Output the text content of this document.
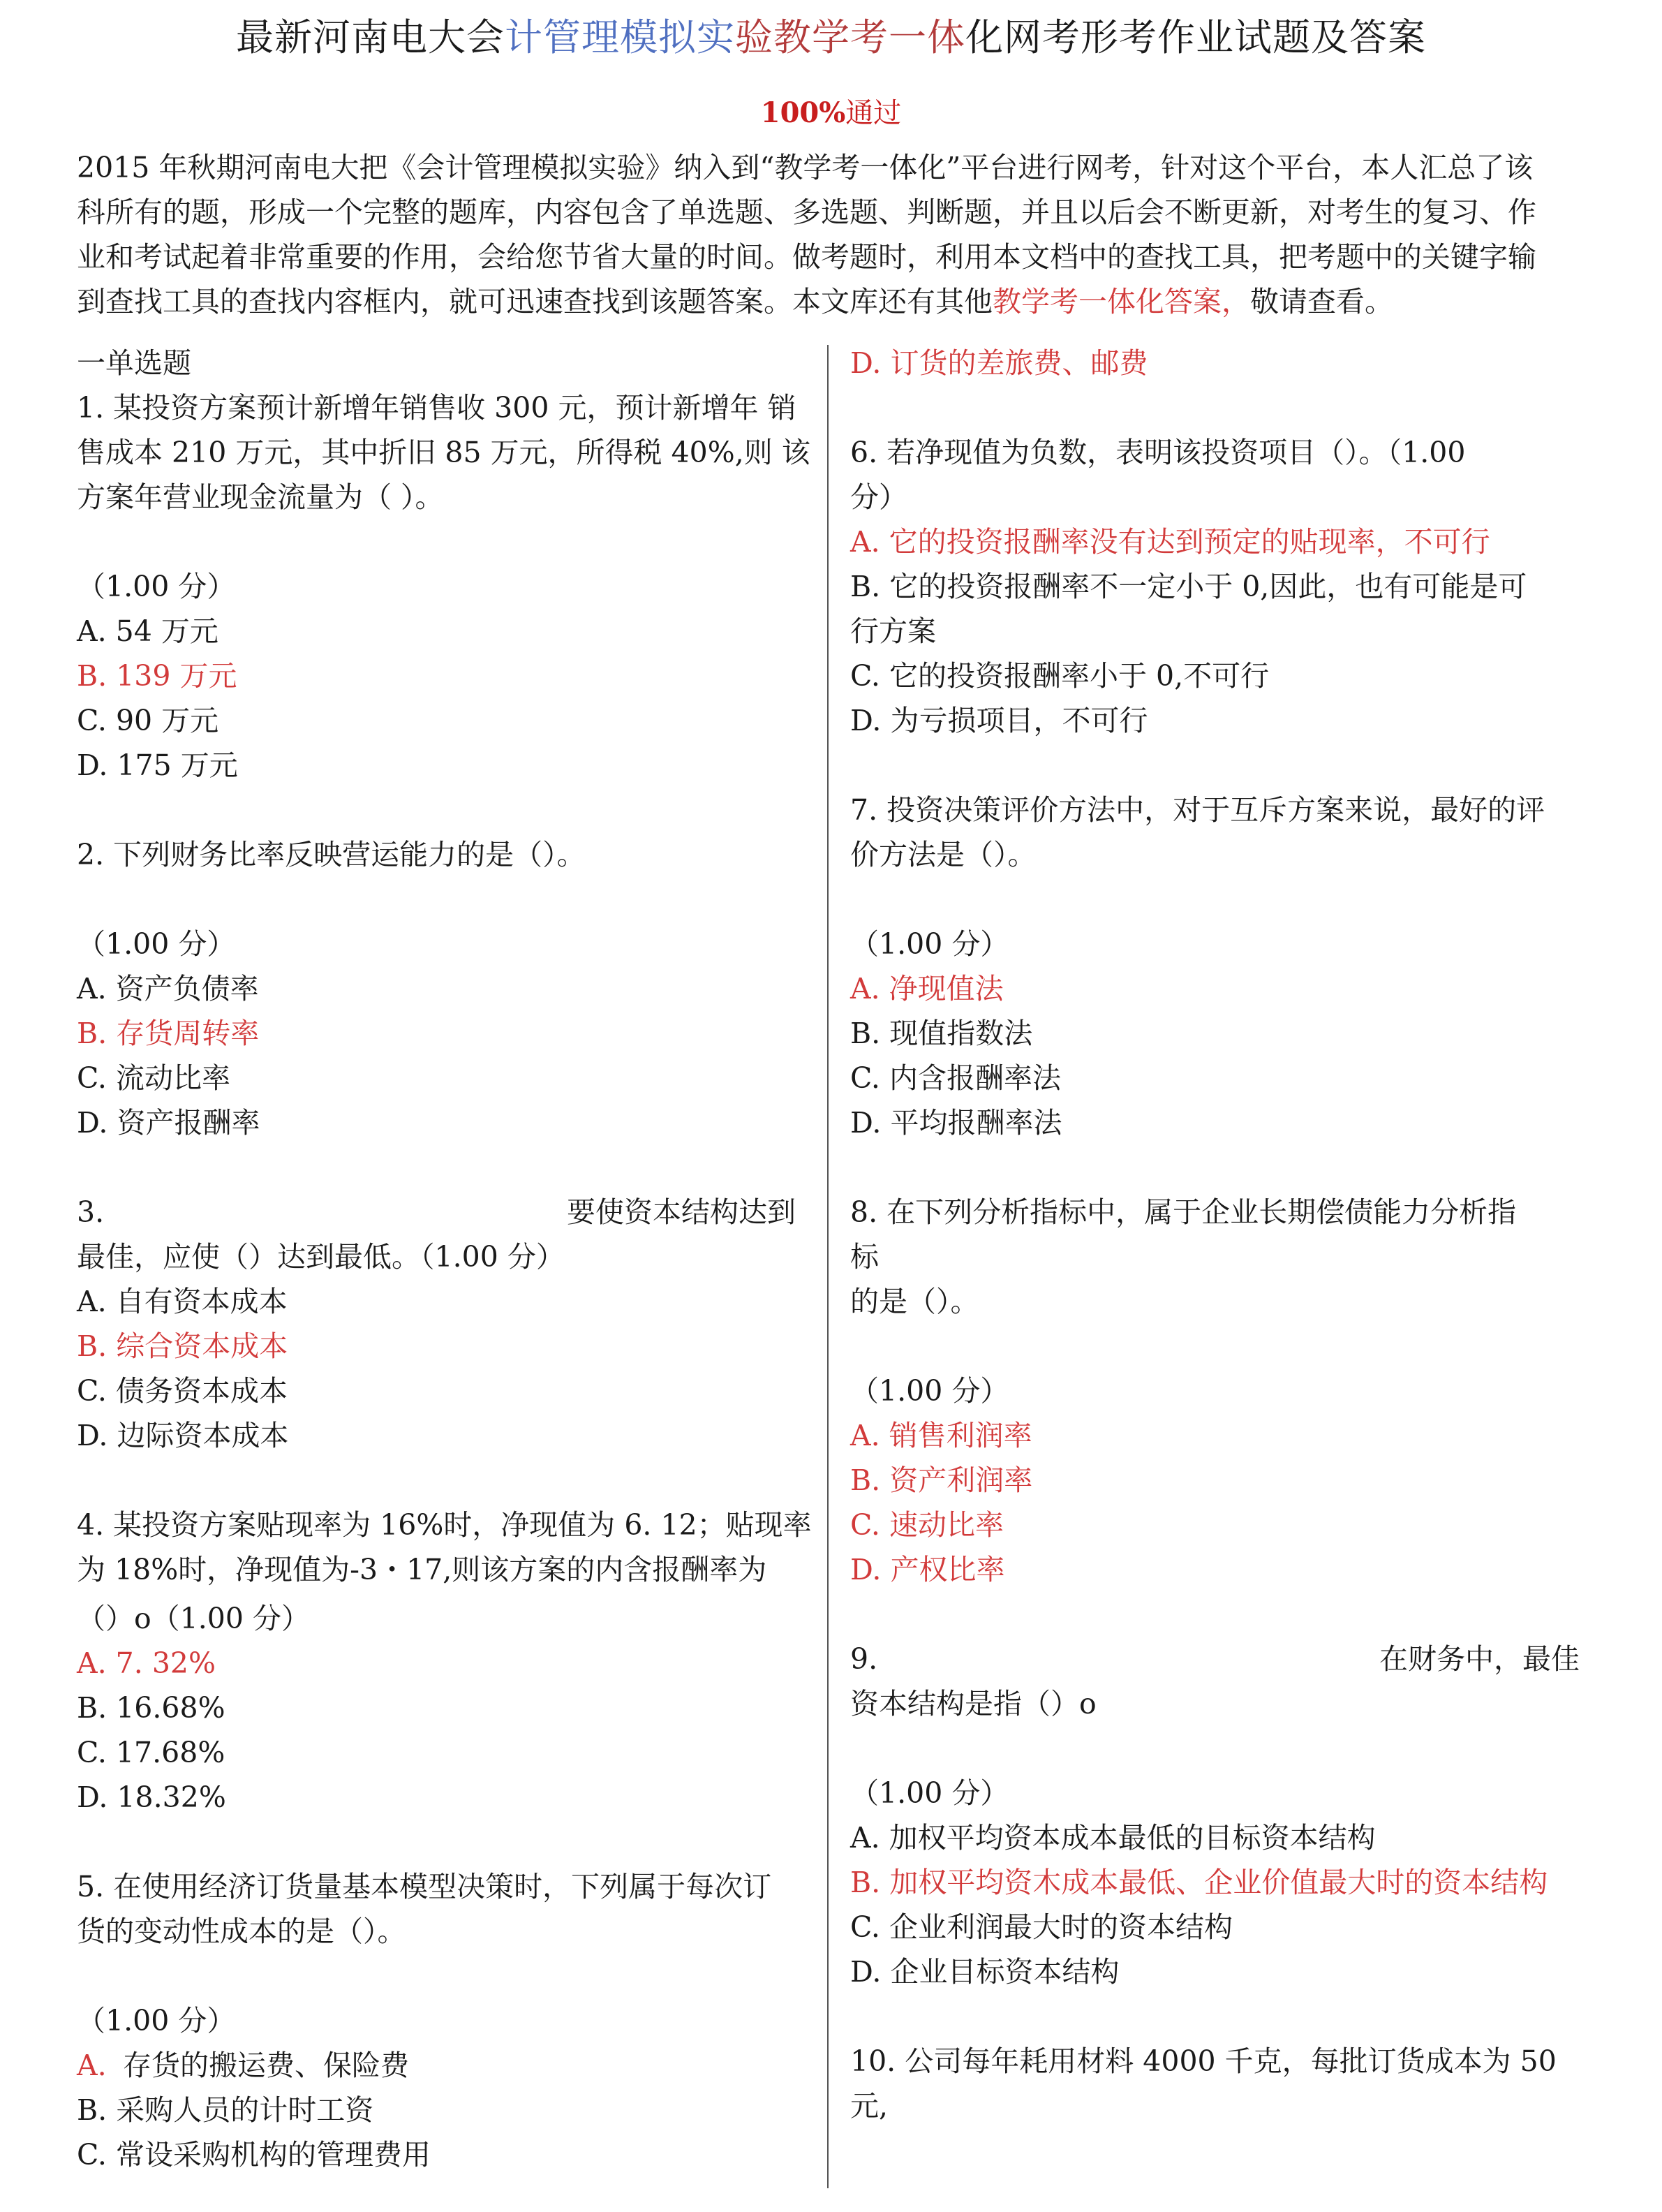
最新河南电大会计管理模拟实验教学考一体化网考形考作业试题及答案
100%通过
2015 年秋期河南电大把《会计管理模拟实验》纳入到“教学考一体化”平台进行网考，针对这个平台，本人汇总了该
科所有的题，形成一个完整的题库，内容包含了单选题、多选题、判断题，并且以后会不断更新，对考生的复习、作
业和考试起着非常重要的作用，会给您节省大量的时间。做考题时，利用本文档中的查找工具，把考题中的关键字输
到查找工具的查找内容框内，就可迅速查找到该题答案。本文库还有其他教学考一体化答案，敬请查看。
一单选题
1. 某投资方案预计新增年销售收 300 元，预计新增年 销
售成本 210 万元，其中折旧 85 万元，所得税 40%,则 该
方案年营业现金流量为（ ）。
（1.00 分）
A. 54 万元
B. 139 万元
C. 90 万元
D. 175 万元
2. 下列财务比率反映营运能力的是（）。
（1.00 分）
A. 资产负债率
B. 存货周转率
C. 流动比率
D. 资产报酬率
3.	要使资本结构达到
最佳，应使（）达到最低。（1.00 分）
A. 自有资本成本
B. 综合资本成本
C. 债务资本成本
D. 边际资本成本
4. 某投资方案贴现率为 16%时，净现值为 6. 12；贴现率
为 18%时，净现值为-3・17,则该方案的内含报酬率为
（）o（1.00 分）
A. 7. 32%
B. 16.68%
C. 17.68%
D. 18.32%
5. 在使用经济订货量基本模型决策时，下列属于每次订
货的变动性成本的是（）。
（1.00 分）
A. 存货的搬运费、保险费
B. 采购人员的计时工资
C. 常设采购机构的管理费用
D. 订货的差旅费、邮费
6. 若净现值为负数，表明该投资项目（）。（1.00
分）
A. 它的投资报酬率没有达到预定的贴现率，不可行
B. 它的投资报酬率不一定小于 0,因此，也有可能是可
行方案
C. 它的投资报酬率小于 0,不可行
D. 为亏损项目，不可行
7. 投资决策评价方法中，对于互斥方案来说，最好的评
价方法是（）。
（1.00 分）
A. 净现值法
B. 现值指数法
C. 内含报酬率法
D. 平均报酬率法
8. 在下列分析指标中，属于企业长期偿债能力分析指
标
的是（）。
（1.00 分）
A. 销售利润率
B. 资产利润率
C. 速动比率
D. 产权比率
9.	在财务中，最佳
资本结构是指（）o
（1.00 分）
A. 加权平均资本成本最低的目标资本结构
B. 加权平均资木成本最低、企业价值最大时的资本结构
C. 企业利润最大时的资本结构
D. 企业目标资本结构
10. 公司每年耗用材料 4000 千克，每批订货成本为 50
元,
